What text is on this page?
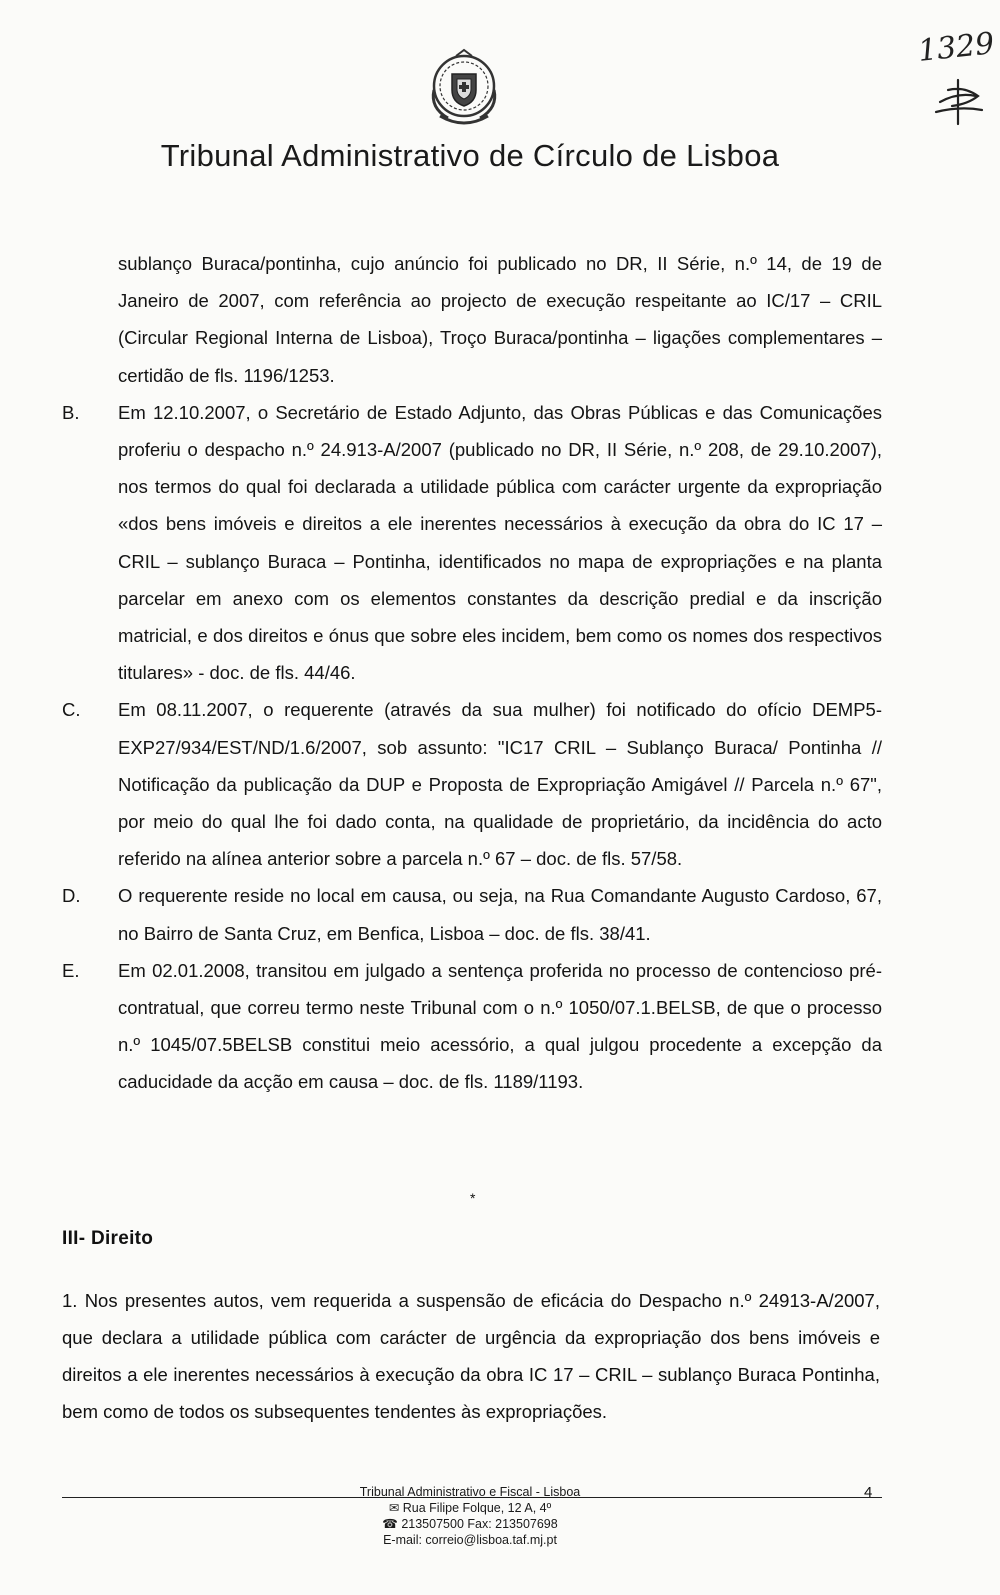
Tribunal Administrativo de Círculo de Lisboa
1329

sublanço Buraca/pontinha, cujo anúncio foi publicado no DR, II Série, n.º 14, de 19 de Janeiro de 2007, com referência ao projecto de execução respeitante ao IC/17 – CRIL (Circular Regional Interna de Lisboa), Troço Buraca/pontinha – ligações complementares – certidão de fls. 1196/1253.

B.	Em 12.10.2007, o Secretário de Estado Adjunto, das Obras Públicas e das Comunicações proferiu o despacho n.º 24.913-A/2007 (publicado no DR, II Série, n.º 208, de 29.10.2007), nos termos do qual foi declarada a utilidade pública com carácter urgente da expropriação «dos bens imóveis e direitos a ele inerentes necessários à execução da obra do IC 17 – CRIL – sublanço Buraca – Pontinha, identificados no mapa de expropriações e na planta parcelar em anexo com os elementos constantes da descrição predial e da inscrição matricial, e dos direitos e ónus que sobre eles incidem, bem como os nomes dos respectivos titulares» - doc. de fls. 44/46.
C.	Em 08.11.2007, o requerente (através da sua mulher) foi notificado do ofício DEMP5-EXP27/934/EST/ND/1.6/2007, sob assunto: "IC17 CRIL – Sublanço Buraca/ Pontinha // Notificação da publicação da DUP e Proposta de Expropriação Amigável // Parcela n.º 67", por meio do qual lhe foi dado conta, na qualidade de proprietário, da incidência do acto referido na alínea anterior sobre a parcela n.º 67 – doc. de fls. 57/58.
D.	O requerente reside no local em causa, ou seja, na Rua Comandante Augusto Cardoso, 67, no Bairro de Santa Cruz, em Benfica, Lisboa – doc. de fls. 38/41.
E.	Em 02.01.2008, transitou em julgado a sentença proferida no processo de contencioso pré-contratual, que correu termo neste Tribunal com o n.º 1050/07.1.BELSB, de que o processo n.º 1045/07.5BELSB constitui meio acessório, a qual julgou procedente a excepção da caducidade da acção em causa – doc. de fls. 1189/1193.
*
III- Direito

1. Nos presentes autos, vem requerida a suspensão de eficácia do Despacho n.º 24913-A/2007, que declara a utilidade pública com carácter de urgência da expropriação dos bens imóveis e direitos a ele inerentes necessários à execução da obra IC 17 – CRIL – sublanço Buraca Pontinha, bem como de todos os subsequentes tendentes às expropriações.

Tribunal Administrativo e Fiscal - Lisboa
✉ Rua Filipe Folque, 12 A, 4º
☎ 213507500 Fax: 213507698
E-mail: correio@lisboa.taf.mj.pt
4
